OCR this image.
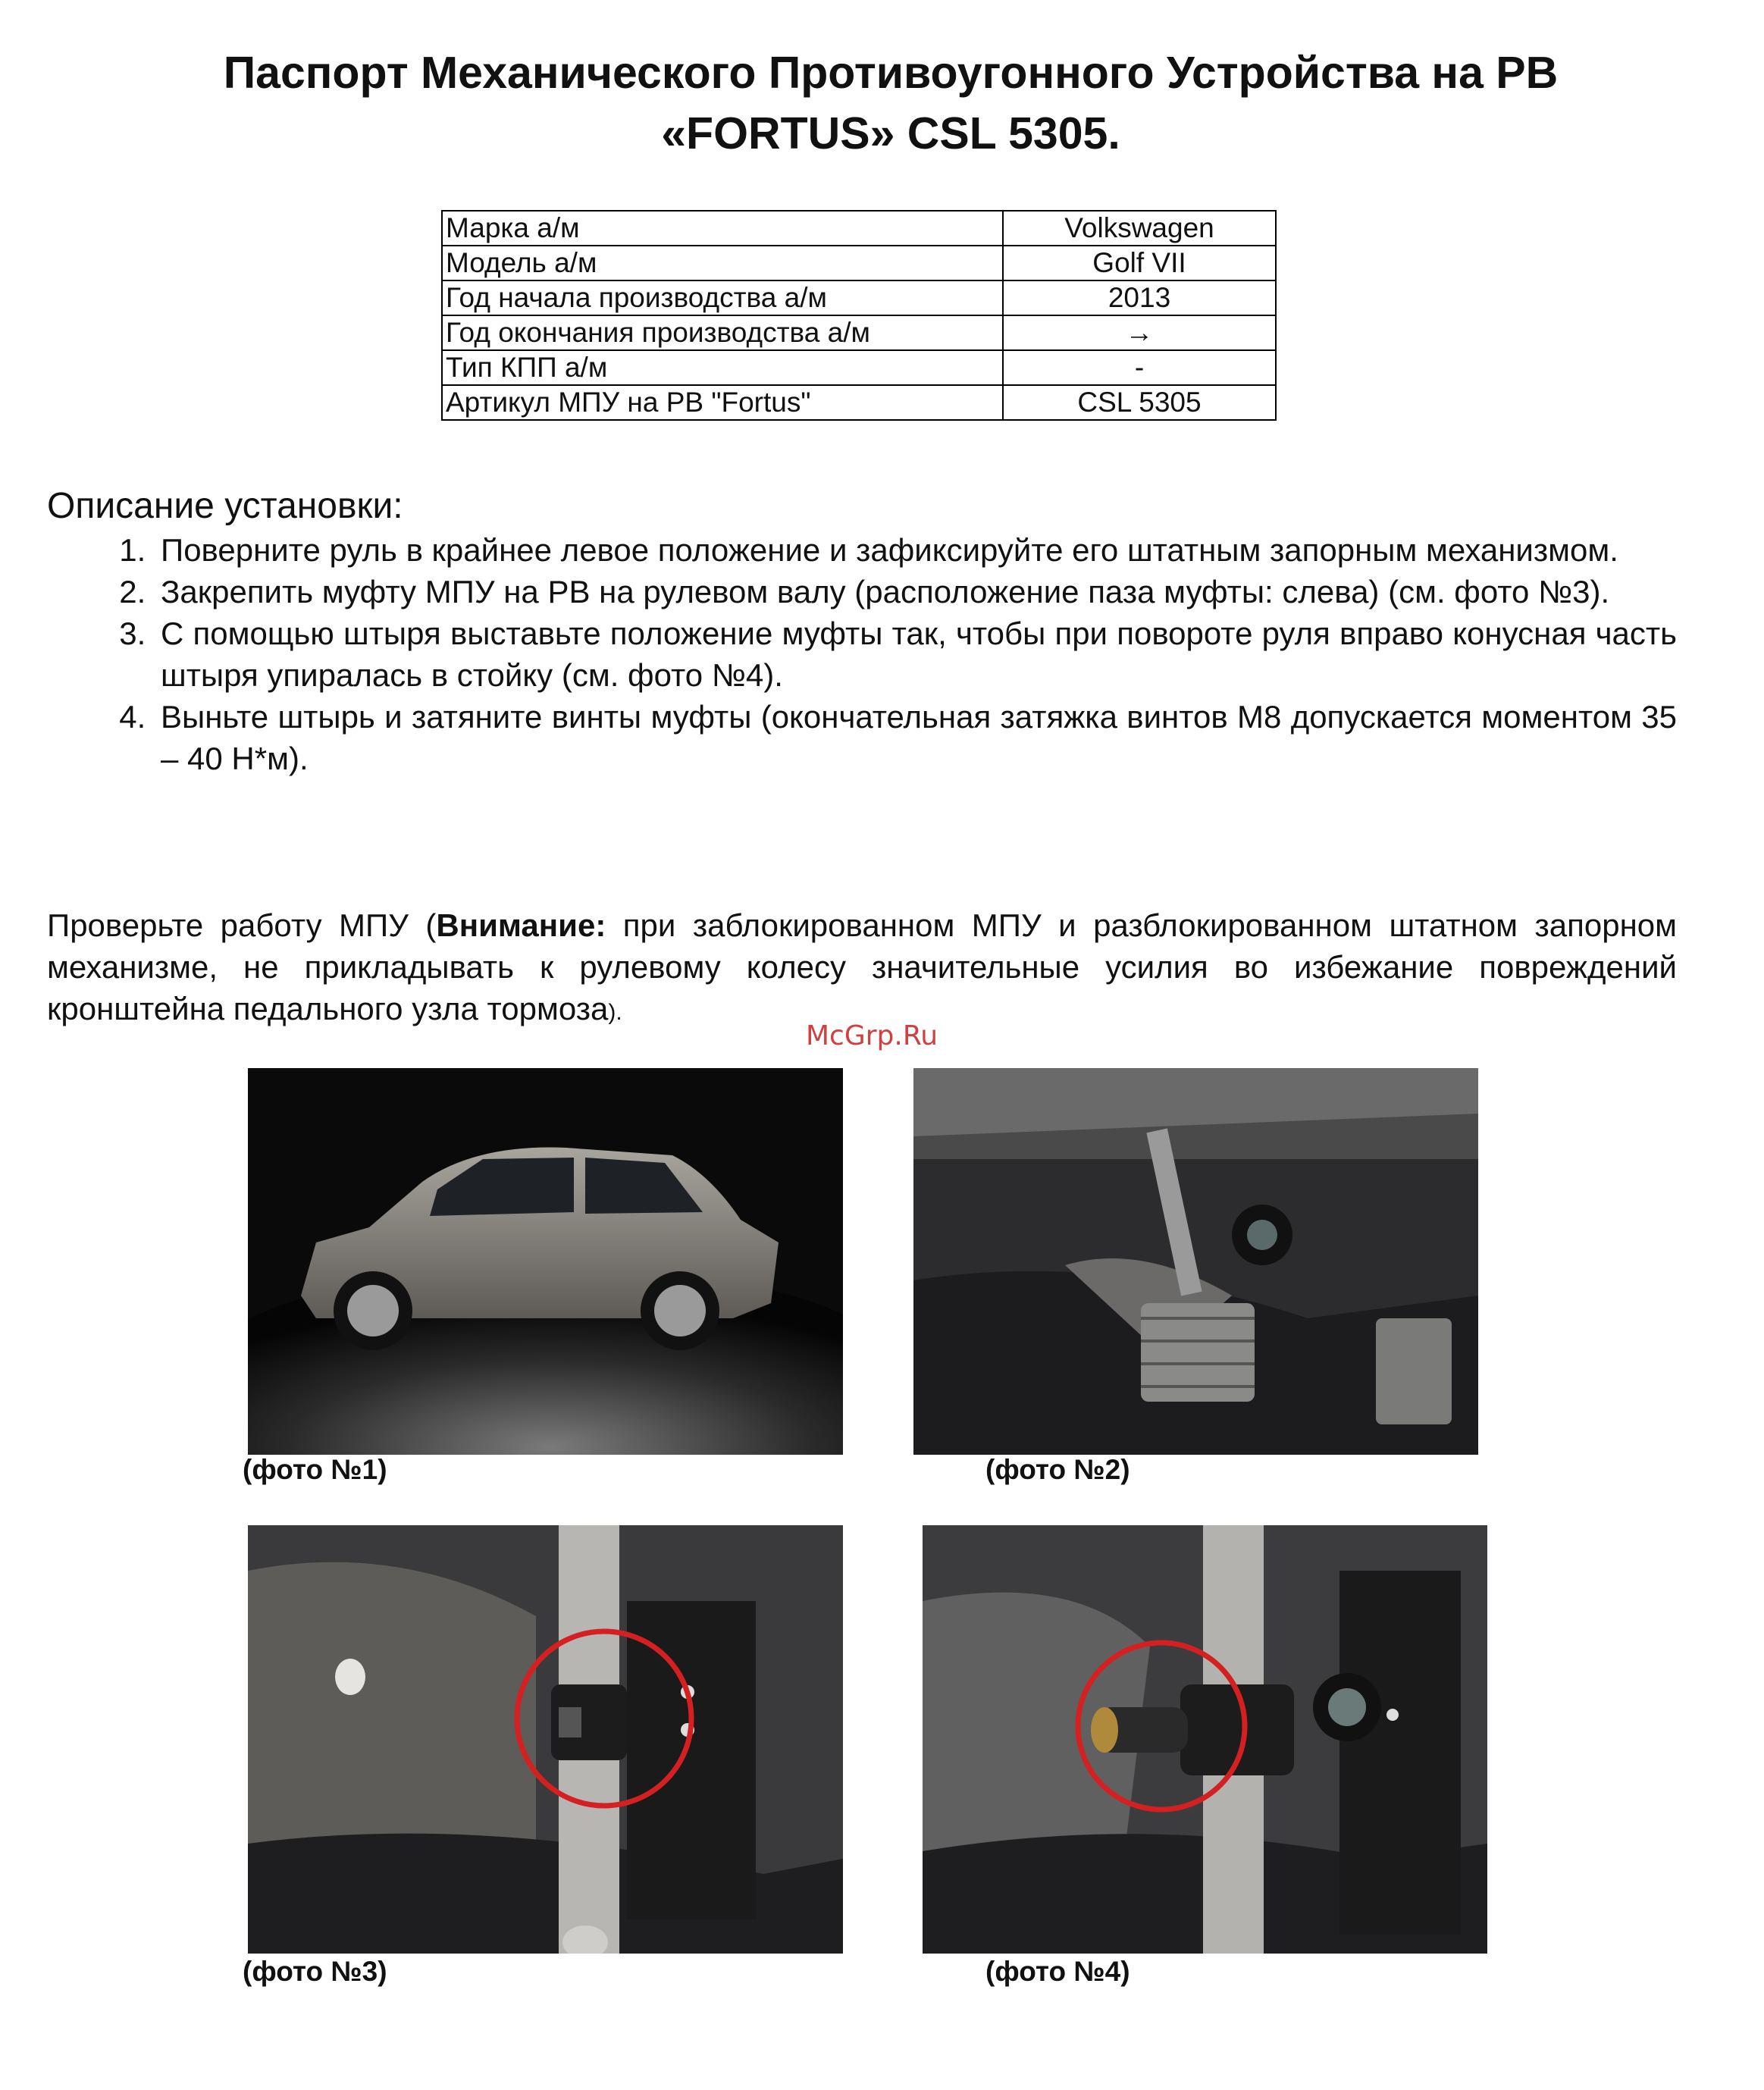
Паспорт Механического Противоугонного Устройства на РВ
«FORTUS» CSL 5305.
Марка а/м	Volkswagen
Модель а/м	Golf VII
Год начала производства а/м	2013
Год окончания производства а/м	→
Тип КПП а/м	-
Артикул МПУ на РВ "Fortus"	CSL 5305
Описание установки:
1. Поверните руль в крайнее левое положение и зафиксируйте его штатным запорным механизмом.
2. Закрепить муфту МПУ на РВ на рулевом валу (расположение паза муфты: слева) (см. фото №3).
3. С помощью штыря выставьте положение муфты так, чтобы при повороте руля вправо конусная часть штыря упиралась в стойку (см. фото №4).
4. Выньте штырь и затяните винты муфты (окончательная затяжка винтов М8 допускается моментом 35 – 40 Н*м).

Проверьте работу МПУ (Внимание: при заблокированном МПУ и разблокированном штатном запорном механизме, не прикладывать к рулевому колесу значительные усилия во избежание повреждений кронштейна педального узла тормоза).

McGrp.Ru

(фото №1)	(фото №2)

(фото №3)	(фото №4)
